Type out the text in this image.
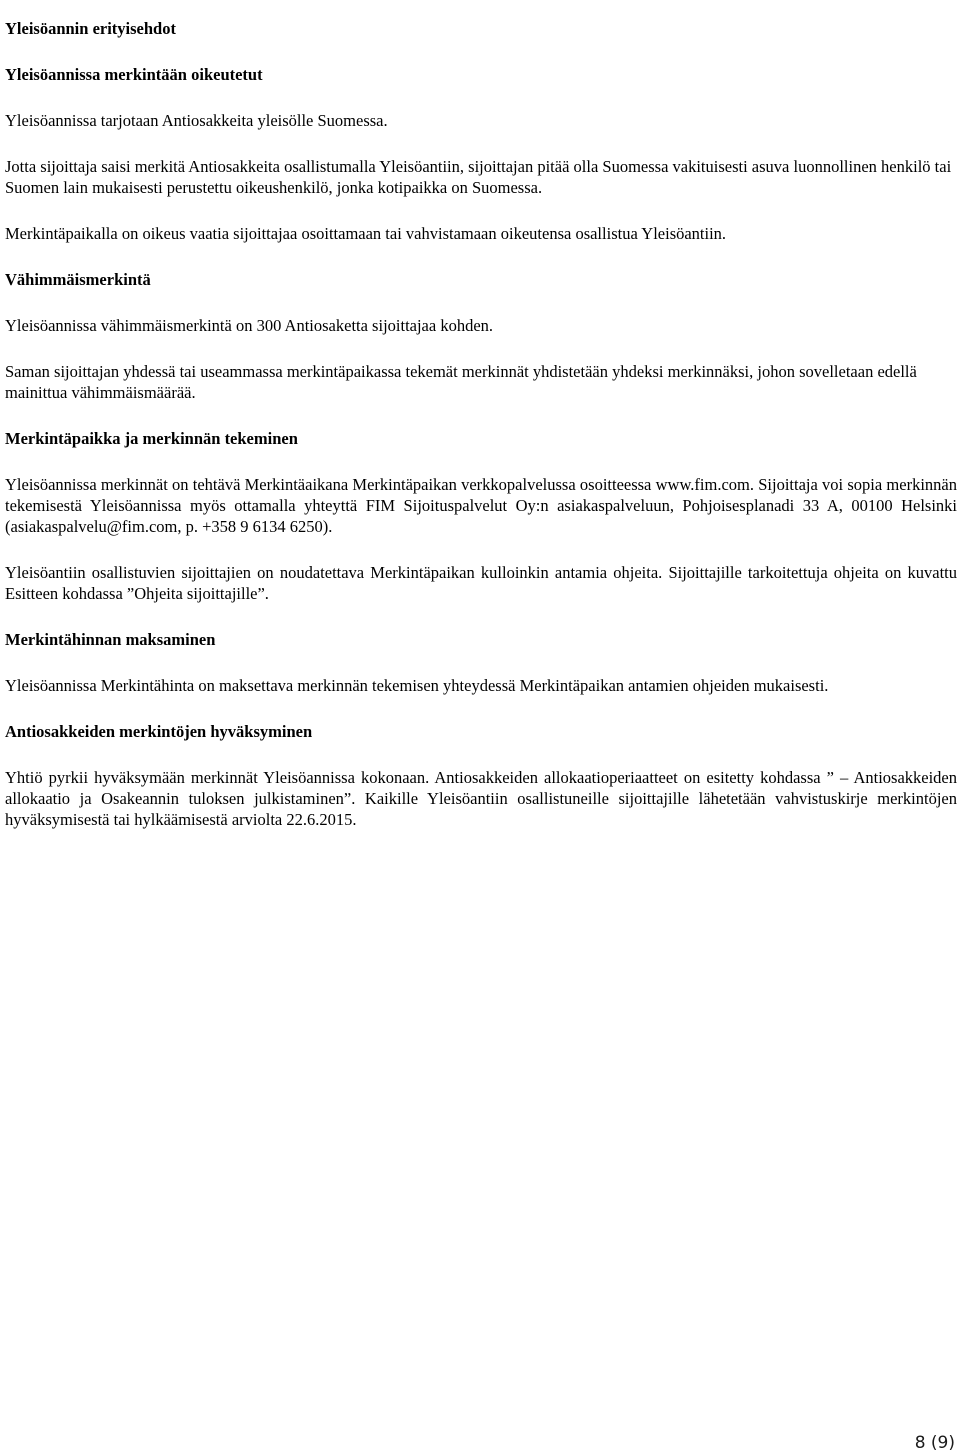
Yleisöannin erityisehdot

Yleisöannissa merkintään oikeutetut

Yleisöannissa tarjotaan Antiosakkeita yleisölle Suomessa.

Jotta sijoittaja saisi merkitä Antiosakkeita osallistumalla Yleisöantiin, sijoittajan pitää olla Suomessa vakituisesti asuva luonnollinen henkilö tai Suomen lain mukaisesti perustettu oikeushenkilö, jonka kotipaikka on Suomessa.

Merkintäpaikalla on oikeus vaatia sijoittajaa osoittamaan tai vahvistamaan oikeutensa osallistua Yleisöantiin.

Vähimmäismerkintä

Yleisöannissa vähimmäismerkintä on 300 Antiosaketta sijoittajaa kohden.

Saman sijoittajan yhdessä tai useammassa merkintäpaikassa tekemät merkinnät yhdistetään yhdeksi merkinnäksi, johon sovelletaan edellä mainittua vähimmäismäärää.

Merkintäpaikka ja merkinnän tekeminen

Yleisöannissa merkinnät on tehtävä Merkintäaikana Merkintäpaikan verkkopalvelussa osoitteessa www.fim.com. Sijoittaja voi sopia merkinnän tekemisestä Yleisöannissa myös ottamalla yhteyttä FIM Sijoituspalvelut Oy:n asiakaspalveluun, Pohjoisesplanadi 33 A, 00100 Helsinki (asiakaspalvelu@fim.com, p. +358 9 6134 6250).

Yleisöantiin osallistuvien sijoittajien on noudatettava Merkintäpaikan kulloinkin antamia ohjeita. Sijoittajille tarkoitettuja ohjeita on kuvattu Esitteen kohdassa ”Ohjeita sijoittajille”.

Merkintähinnan maksaminen

Yleisöannissa Merkintähinta on maksettava merkinnän tekemisen yhteydessä Merkintäpaikan antamien ohjeiden mukaisesti.

Antiosakkeiden merkintöjen hyväksyminen

Yhtiö pyrkii hyväksymään merkinnät Yleisöannissa kokonaan. Antiosakkeiden allokaatioperiaatteet on esitetty kohdassa ” – Antiosakkeiden allokaatio ja Osakeannin tuloksen julkistaminen”. Kaikille Yleisöantiin osallistuneille sijoittajille lähetetään vahvistuskirje merkintöjen hyväksymisestä tai hylkäämisestä arviolta 22.6.2015.

8 (9)
